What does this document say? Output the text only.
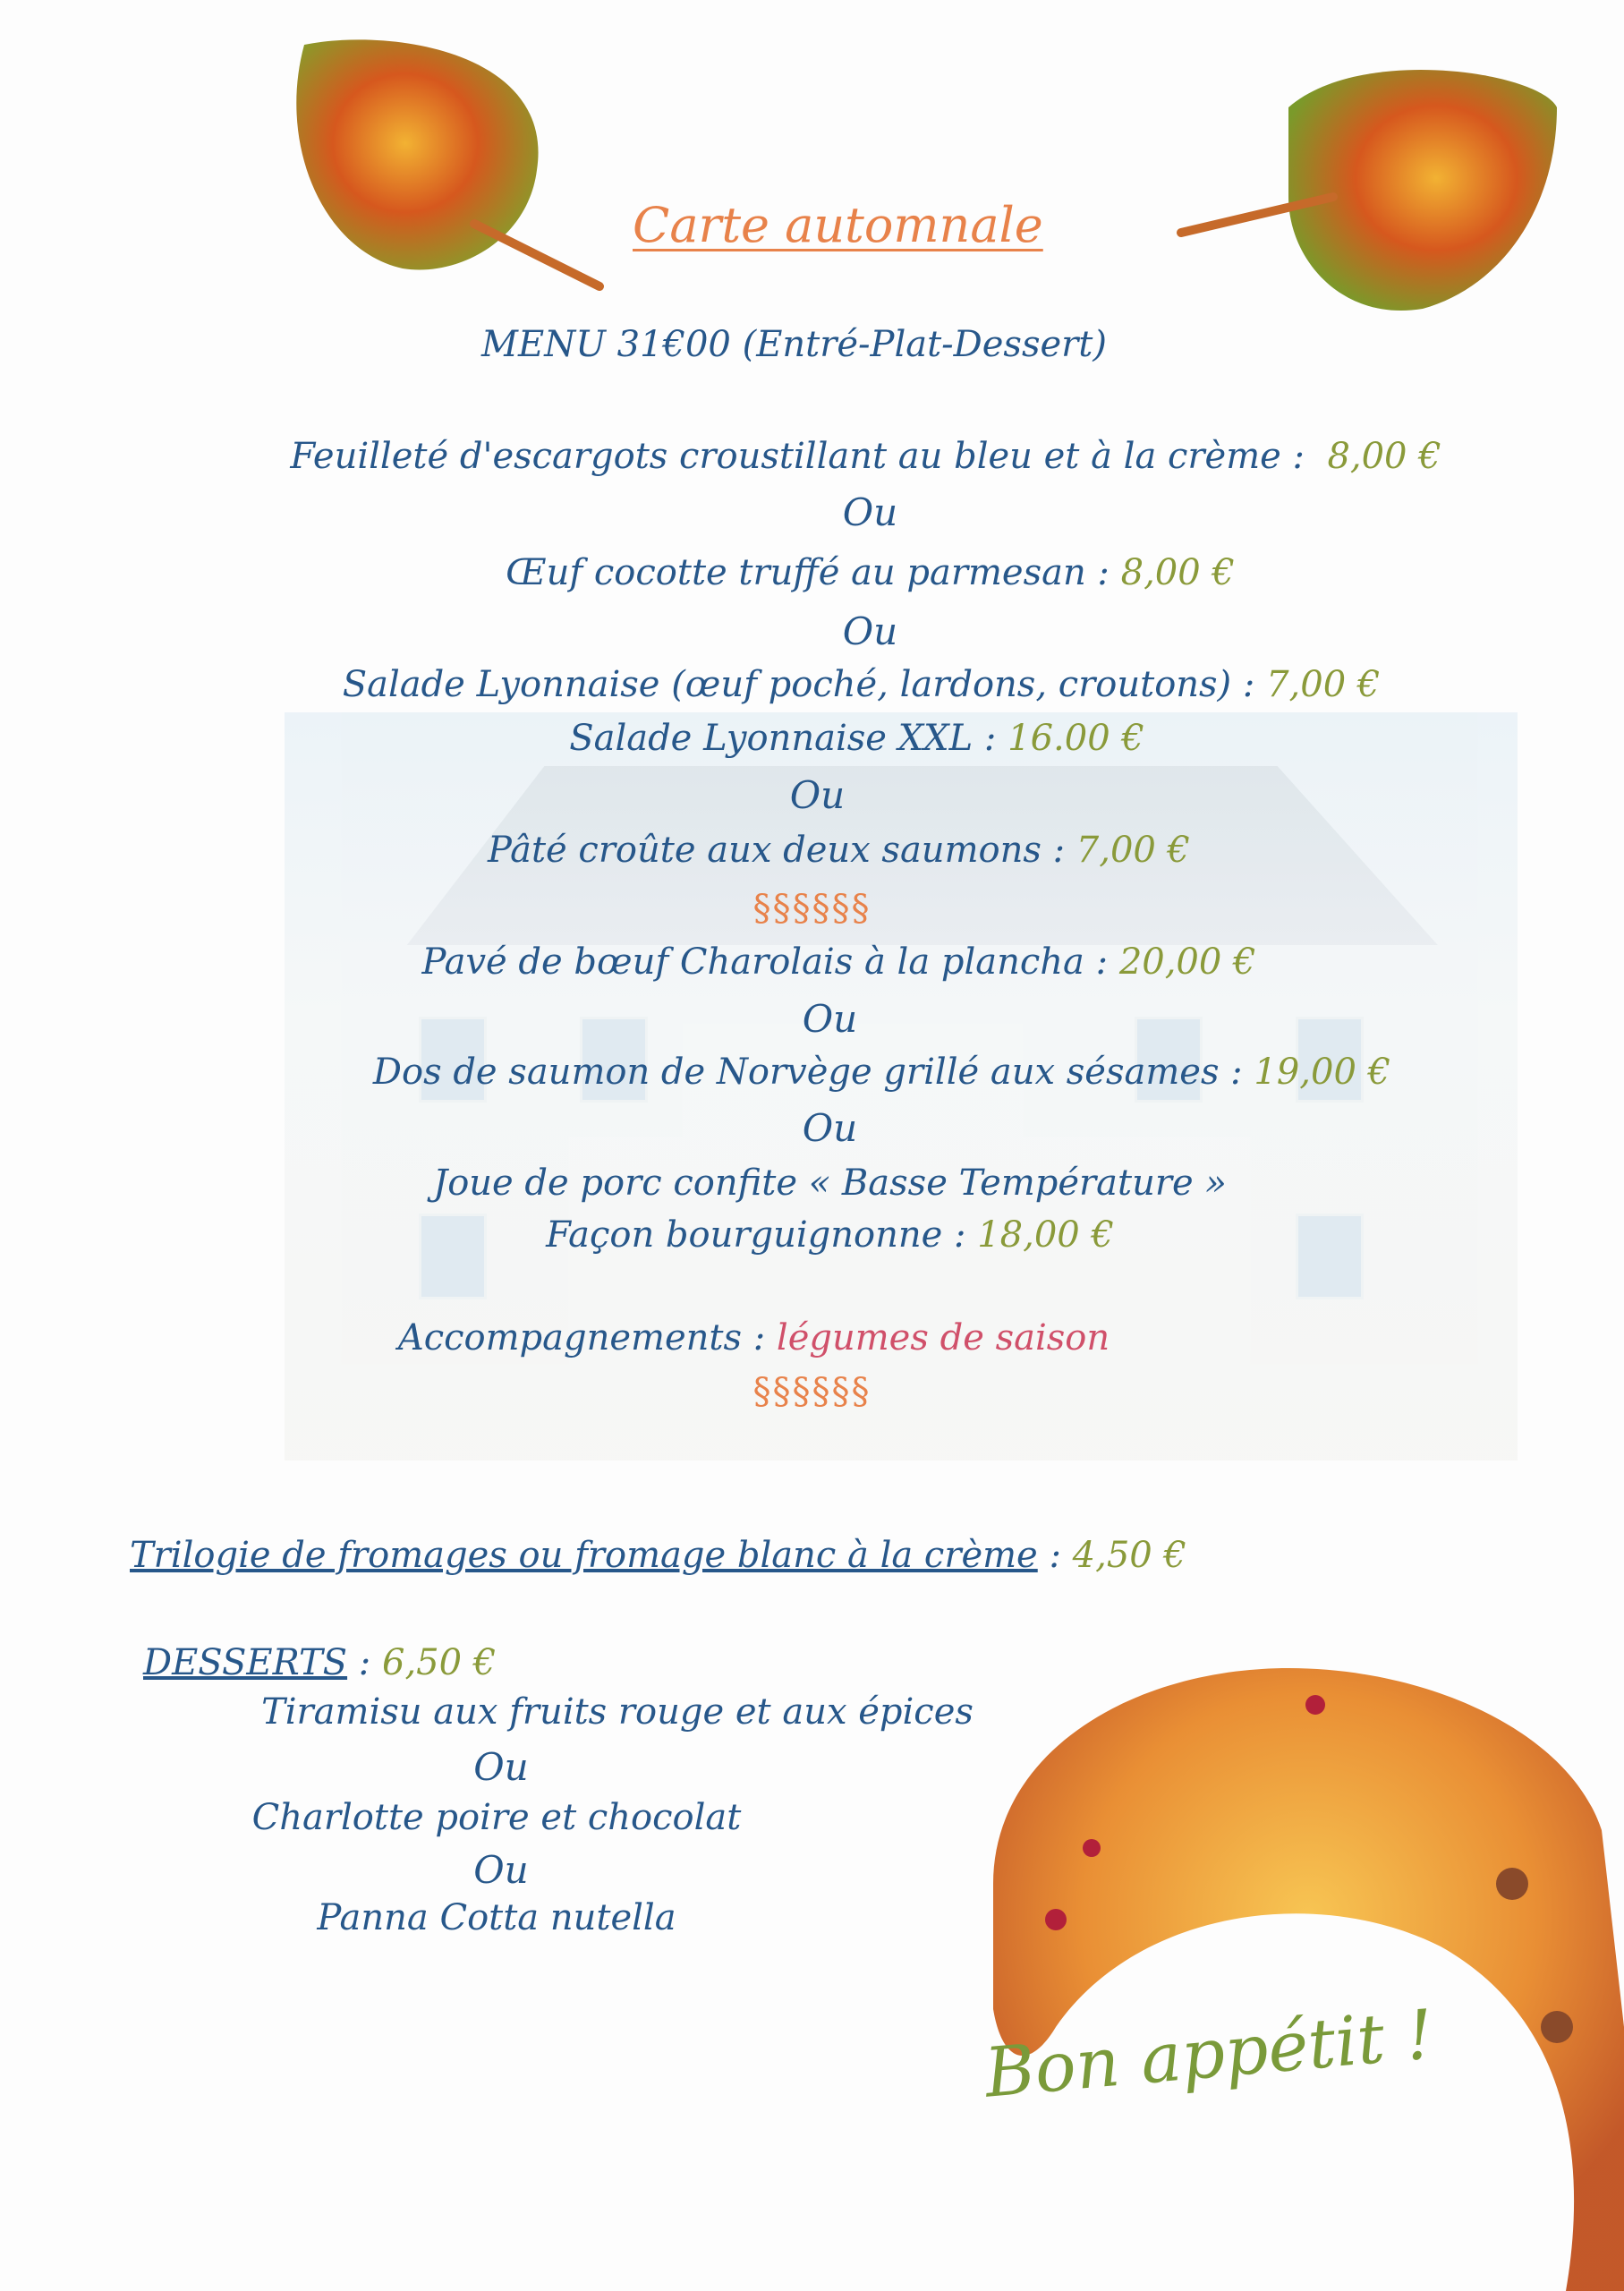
Carte automnale
MENU 31€00 (Entré-Plat-Dessert)
Feuilleté d'escargots croustillant au bleu et à la crème : 8,00 €
Ou
Œuf cocotte truffé au parmesan : 8,00 €
Ou
Salade Lyonnaise (œuf poché, lardons, croutons) : 7,00 €
Salade Lyonnaise XXL : 16.00 €
Ou
Pâté croûte aux deux saumons : 7,00 €
§§§§§§
Pavé de bœuf Charolais à la plancha : 20,00 €
Ou
Dos de saumon de Norvège grillé aux sésames : 19,00 €
Ou
Joue de porc confite « Basse Température »
Façon bourguignonne : 18,00 €
Accompagnements : légumes de saison
§§§§§§
Trilogie de fromages ou fromage blanc à la crème : 4,50 €
DESSERTS : 6,50 €
Tiramisu aux fruits rouge et aux épices
Ou
Charlotte poire et chocolat
Ou
Panna Cotta nutella
Bon appétit !
